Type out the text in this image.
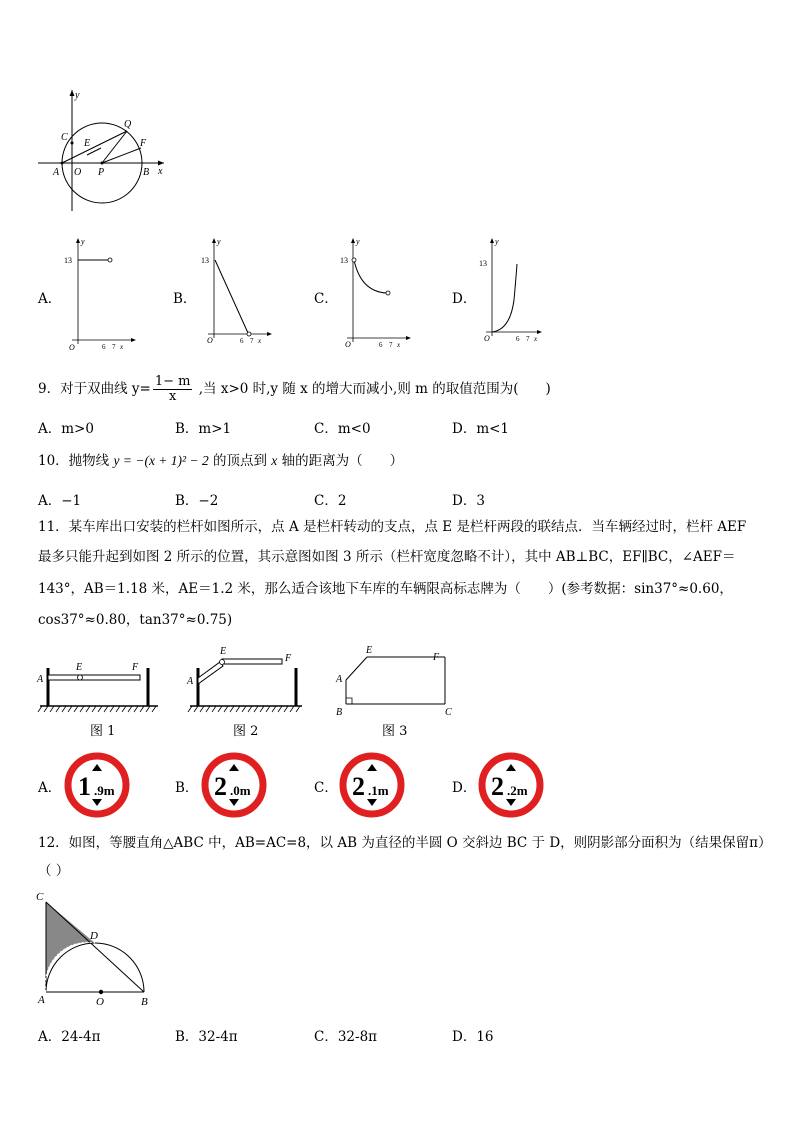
y
x
C
Q
E	F
A O P	B
A．
y
13
O	6 7 x
B．
y
13
O	6 7 x
C．
y
13
O	6 7 x
D．
y
13
O	6 7 x
9．对于双曲线 $y= \frac{1- m}{x}$ ,当 x>0 时,y 随 x 的增大而减小,则 m 的取值范围为(　　)
A．m>0	B．m>1	C．m<0	D．m<1
10．抛物线 y = −(x + 1)² − 2 的顶点到 x 轴的距离为（　　）
A．−1	B．−2	C．2	D．3
11．某车库出口安装的栏杆如图所示，点 A 是栏杆转动的支点，点 E 是栏杆两段的联结点．当车辆经过时，栏杆 AEF
最多只能升起到如图 2 所示的位置，其示意图如图 3 所示（栏杆宽度忽略不计），其中 AB⊥BC，EF∥BC，∠AEF＝
143°，AB＝1.18 米，AE＝1.2 米，那么适合该地下车库的车辆限高标志牌为（　　）(参考数据：sin37°≈0.60，
cos37°≈0.80，tan37°≈0.75)
A
E	F
图 1
A
E
F
图 2
A
E
F
B	C
图 3
A． 1 .9m	B． 2 .0m	C． 2 .1m	D． 2 .2m
12．如图，等腰直角△ABC 中，AB=AC=8，以 AB 为直径的半圆 O 交斜边 BC 于 D，则阴影部分面积为（结果保留π）
（ ）
C
D
A	O	B
A．24-4π	B．32-4π	C．32-8π	D．16
